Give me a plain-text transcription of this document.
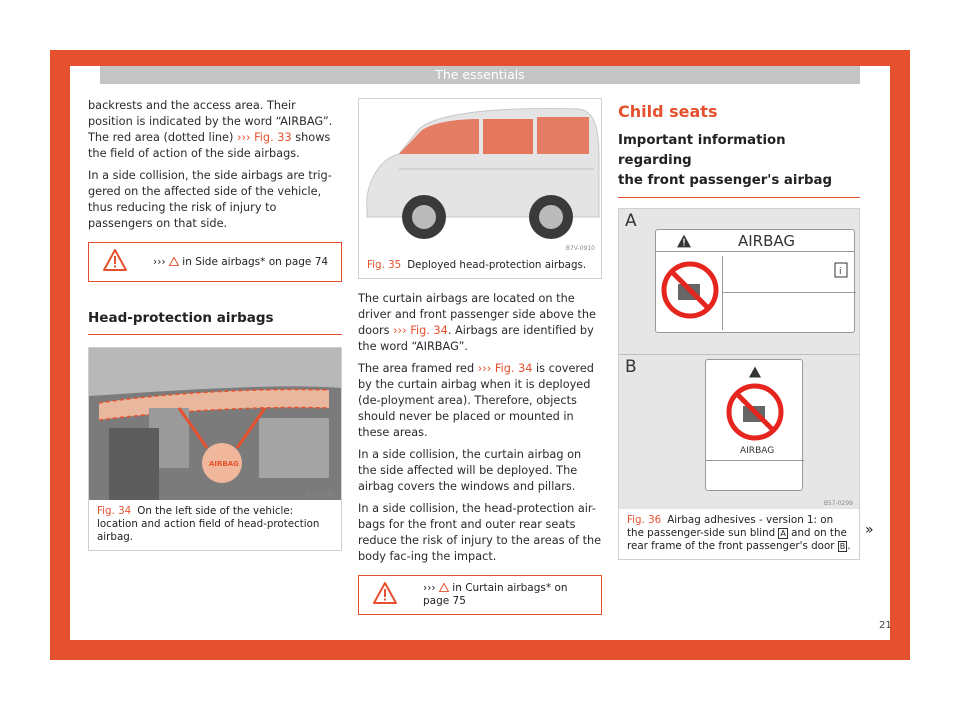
The essentials

backrests and the access area. Their position is indicated by the word “AIRBAG”. The red area (dotted line) ››› Fig. 33 shows the field of action of the side airbags.

In a side collision, the side airbags are trig-gered on the affected side of the vehicle, thus reducing the risk of injury to passengers on that side.

›››  in Side airbags* on page 74
Head-protection airbags
AIRBAG
B7V-1069
Fig. 34 On the left side of the vehicle: location and action field of head-protection airbag.
B7V-0910
Fig. 35 Deployed head-protection airbags.

The curtain airbags are located on the driver and front passenger side above the doors ››› Fig. 34. Airbags are identified by the word “AIRBAG”.

The area framed red ››› Fig. 34 is covered by the curtain airbag when it is deployed (de-ployment area). Therefore, objects should never be placed or mounted in these areas.

In a side collision, the curtain airbag on the side affected will be deployed. The airbag covers the windows and pillars.

In a side collision, the head-protection air-bags for the front and outer rear seats reduce the risk of injury to the areas of the body fac-ing the impact.

›››  in Curtain airbags* on
page 75
Child seats
Important information regarding
the front passenger's airbag
A
B
AIRBAG
i
AIRBAG
B57-0299
Fig. 36 Airbag adhesives - version 1: on the passenger-side sun blind A and on the rear frame of the front passenger's door B .
»
21
